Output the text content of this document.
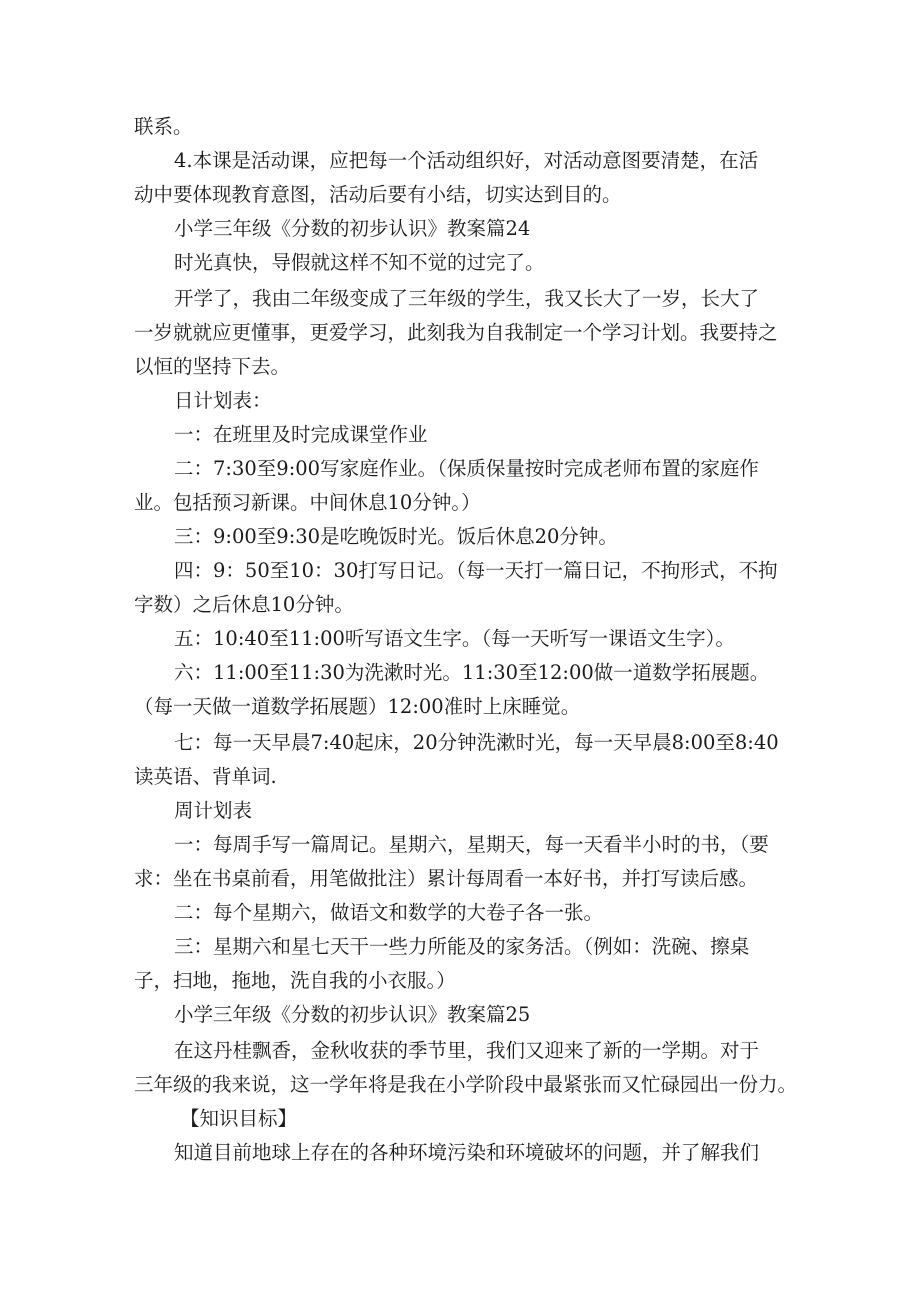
联系。
4.本课是活动课，应把每一个活动组织好，对活动意图要清楚，在活
动中要体现教育意图，活动后要有小结，切实达到目的。
小学三年级《分数的初步认识》教案篇24
时光真快，导假就这样不知不觉的过完了。
开学了，我由二年级变成了三年级的学生，我又长大了一岁，长大了
一岁就就应更懂事，更爱学习，此刻我为自我制定一个学习计划。我要持之
以恒的坚持下去。
日计划表：
一：在班里及时完成课堂作业
二：7:30至9:00写家庭作业。（保质保量按时完成老师布置的家庭作
业。包括预习新课。中间休息10分钟。）
三：9:00至9:30是吃晚饭时光。饭后休息20分钟。
四：9：50至10：30打写日记。（每一天打一篇日记，不拘形式，不拘
字数）之后休息10分钟。
五：10:40至11:00听写语文生字。（每一天听写一课语文生字）。
六：11:00至11:30为洗漱时光。11:30至12:00做一道数学拓展题。
（每一天做一道数学拓展题）12:00准时上床睡觉。
七：每一天早晨7:40起床，20分钟洗漱时光，每一天早晨8:00至8:40
读英语、背单词.
周计划表
一：每周手写一篇周记。星期六，星期天，每一天看半小时的书，（要
求：坐在书桌前看，用笔做批注）累计每周看一本好书，并打写读后感。
二：每个星期六，做语文和数学的大卷子各一张。
三：星期六和星七天干一些力所能及的家务活。（例如：洗碗、擦桌
子，扫地，拖地，洗自我的小衣服。）
小学三年级《分数的初步认识》教案篇25
在这丹桂飘香，金秋收获的季节里，我们又迎来了新的一学期。对于
三年级的我来说，这一学年将是我在小学阶段中最紧张而又忙碌园出一份力。
【知识目标】
知道目前地球上存在的各种环境污染和环境破坏的问题，并了解我们
